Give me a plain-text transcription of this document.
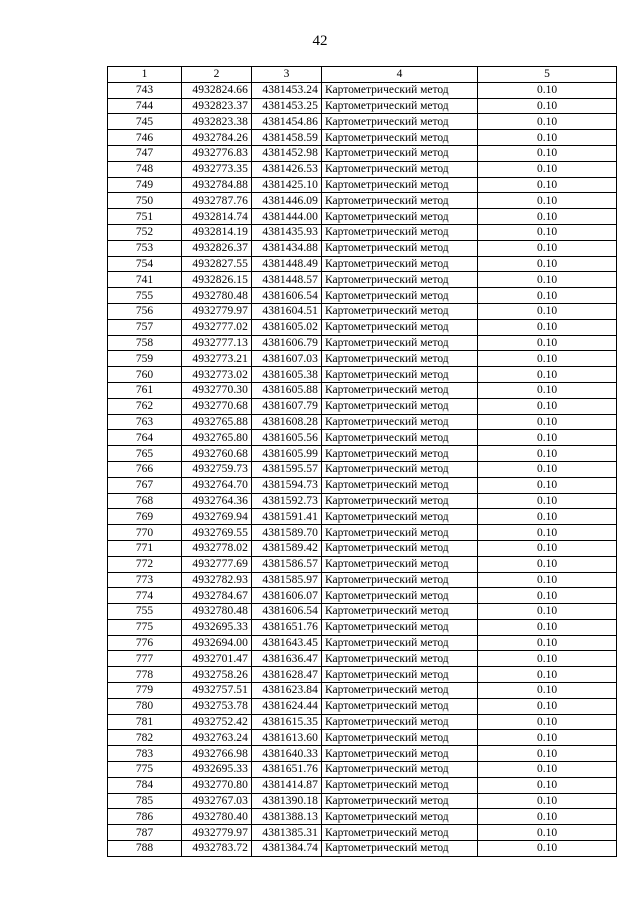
42
1	2	3	4	5
743	4932824.66	4381453.24	Картометрический метод	0.10
744	4932823.37	4381453.25	Картометрический метод	0.10
745	4932823.38	4381454.86	Картометрический метод	0.10
746	4932784.26	4381458.59	Картометрический метод	0.10
747	4932776.83	4381452.98	Картометрический метод	0.10
748	4932773.35	4381426.53	Картометрический метод	0.10
749	4932784.88	4381425.10	Картометрический метод	0.10
750	4932787.76	4381446.09	Картометрический метод	0.10
751	4932814.74	4381444.00	Картометрический метод	0.10
752	4932814.19	4381435.93	Картометрический метод	0.10
753	4932826.37	4381434.88	Картометрический метод	0.10
754	4932827.55	4381448.49	Картометрический метод	0.10
741	4932826.15	4381448.57	Картометрический метод	0.10
755	4932780.48	4381606.54	Картометрический метод	0.10
756	4932779.97	4381604.51	Картометрический метод	0.10
757	4932777.02	4381605.02	Картометрический метод	0.10
758	4932777.13	4381606.79	Картометрический метод	0.10
759	4932773.21	4381607.03	Картометрический метод	0.10
760	4932773.02	4381605.38	Картометрический метод	0.10
761	4932770.30	4381605.88	Картометрический метод	0.10
762	4932770.68	4381607.79	Картометрический метод	0.10
763	4932765.88	4381608.28	Картометрический метод	0.10
764	4932765.80	4381605.56	Картометрический метод	0.10
765	4932760.68	4381605.99	Картометрический метод	0.10
766	4932759.73	4381595.57	Картометрический метод	0.10
767	4932764.70	4381594.73	Картометрический метод	0.10
768	4932764.36	4381592.73	Картометрический метод	0.10
769	4932769.94	4381591.41	Картометрический метод	0.10
770	4932769.55	4381589.70	Картометрический метод	0.10
771	4932778.02	4381589.42	Картометрический метод	0.10
772	4932777.69	4381586.57	Картометрический метод	0.10
773	4932782.93	4381585.97	Картометрический метод	0.10
774	4932784.67	4381606.07	Картометрический метод	0.10
755	4932780.48	4381606.54	Картометрический метод	0.10
775	4932695.33	4381651.76	Картометрический метод	0.10
776	4932694.00	4381643.45	Картометрический метод	0.10
777	4932701.47	4381636.47	Картометрический метод	0.10
778	4932758.26	4381628.47	Картометрический метод	0.10
779	4932757.51	4381623.84	Картометрический метод	0.10
780	4932753.78	4381624.44	Картометрический метод	0.10
781	4932752.42	4381615.35	Картометрический метод	0.10
782	4932763.24	4381613.60	Картометрический метод	0.10
783	4932766.98	4381640.33	Картометрический метод	0.10
775	4932695.33	4381651.76	Картометрический метод	0.10
784	4932770.80	4381414.87	Картометрический метод	0.10
785	4932767.03	4381390.18	Картометрический метод	0.10
786	4932780.40	4381388.13	Картометрический метод	0.10
787	4932779.97	4381385.31	Картометрический метод	0.10
788	4932783.72	4381384.74	Картометрический метод	0.10
